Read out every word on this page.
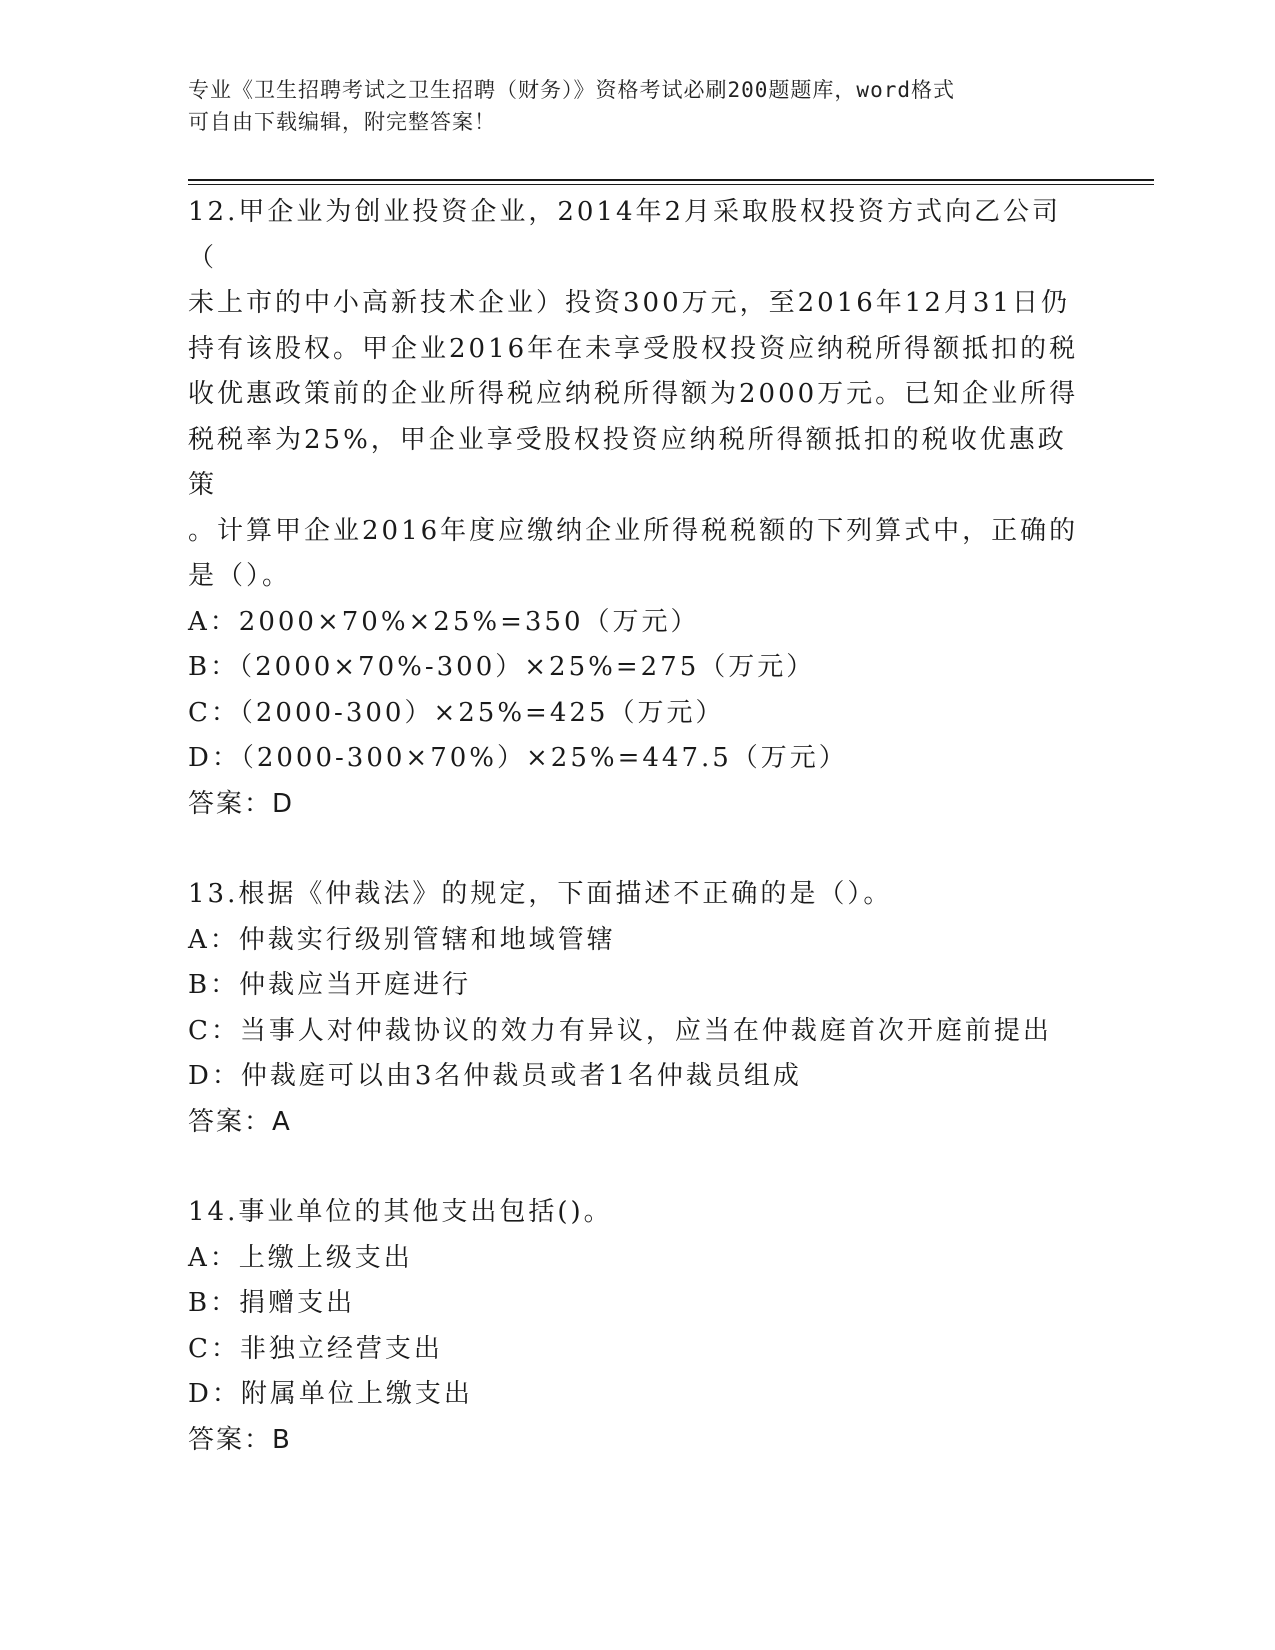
专业《卫生招聘考试之卫生招聘（财务）》资格考试必刷200题题库，word格式
可自由下载编辑，附完整答案！

12.甲企业为创业投资企业，2014年2月采取股权投资方式向乙公司（

未上市的中小高新技术企业）投资300万元，至2016年12月31日仍

持有该股权。甲企业2016年在未享受股权投资应纳税所得额抵扣的税

收优惠政策前的企业所得税应纳税所得额为2000万元。已知企业所得

税税率为25%，甲企业享受股权投资应纳税所得额抵扣的税收优惠政策

。计算甲企业2016年度应缴纳企业所得税税额的下列算式中，正确的

是（）。

A：2000×70%×25%=350（万元）

B：（2000×70%-300）×25%=275（万元）

C：（2000-300）×25%=425（万元）

D：（2000-300×70%）×25%=447.5（万元）

答案：D

13.根据《仲裁法》的规定，下面描述不正确的是（）。

A：仲裁实行级别管辖和地域管辖

B：仲裁应当开庭进行

C：当事人对仲裁协议的效力有异议，应当在仲裁庭首次开庭前提出

D：仲裁庭可以由3名仲裁员或者1名仲裁员组成

答案：A

14.事业单位的其他支出包括()。

A：上缴上级支出

B：捐赠支出

C：非独立经营支出

D：附属单位上缴支出

答案：B
